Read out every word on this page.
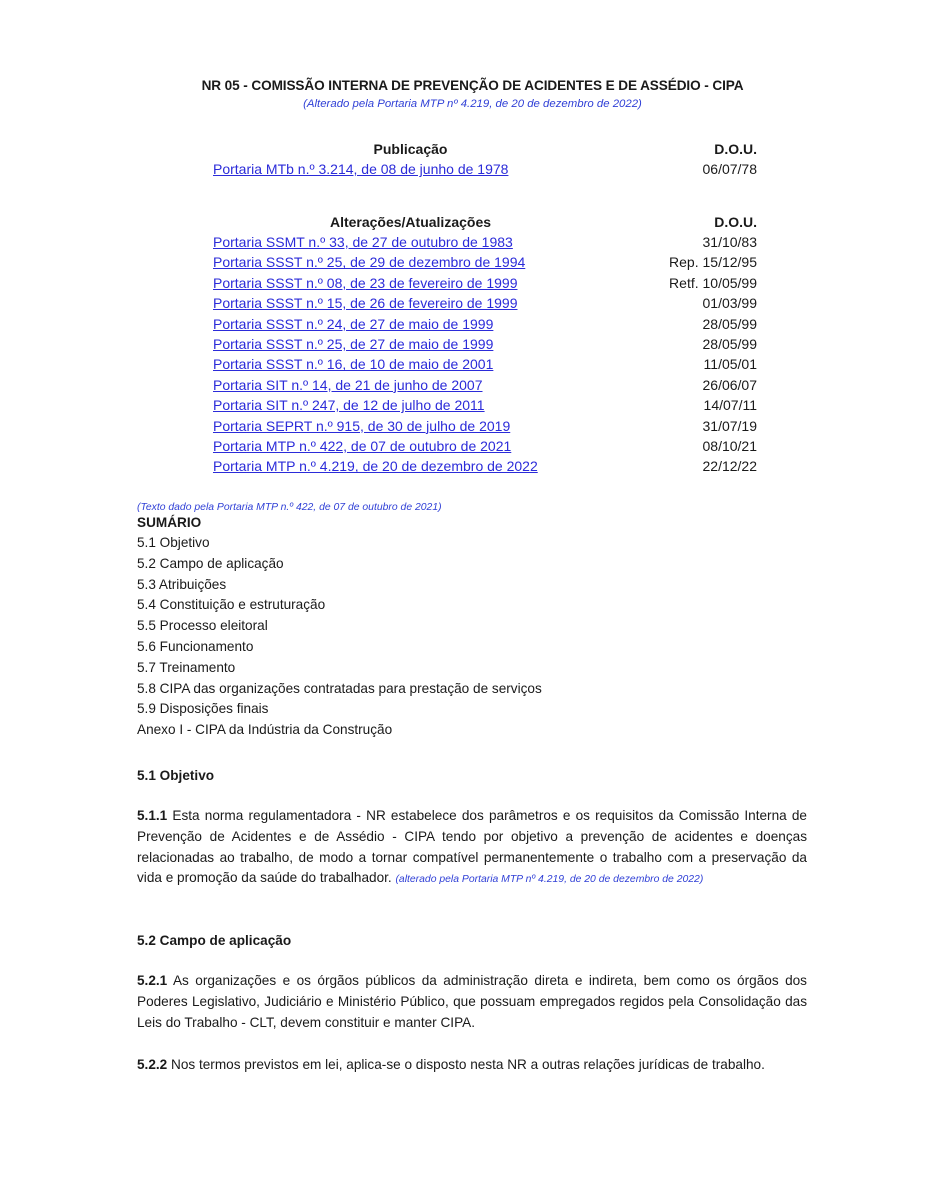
NR 05 - COMISSÃO INTERNA DE PREVENÇÃO DE ACIDENTES E DE ASSÉDIO - CIPA
(Alterado pela Portaria MTP nº 4.219, de 20 de dezembro de 2022)
Publicação	D.O.U.
Portaria MTb n.º 3.214, de 08 de junho de 1978	06/07/78
Alterações/Atualizações	D.O.U.
Portaria SSMT n.º 33, de 27 de outubro de 1983	31/10/83
Portaria SSST n.º 25, de 29 de dezembro de 1994	Rep. 15/12/95
Portaria SSST n.º 08, de 23 de fevereiro de 1999	Retf. 10/05/99
Portaria SSST n.º 15, de 26 de fevereiro de 1999	01/03/99
Portaria SSST n.º 24, de 27 de maio de 1999	28/05/99
Portaria SSST n.º 25, de 27 de maio de 1999	28/05/99
Portaria SSST n.º 16, de 10 de maio de 2001	11/05/01
Portaria SIT n.º 14, de 21 de junho de 2007	26/06/07
Portaria SIT n.º 247, de 12 de julho de 2011	14/07/11
Portaria SEPRT n.º 915, de 30 de julho de 2019	31/07/19
Portaria MTP n.º 422, de 07 de outubro de 2021	08/10/21
Portaria MTP n.º 4.219, de 20 de dezembro de 2022	22/12/22
(Texto dado pela Portaria MTP n.º 422, de 07 de outubro de 2021)
SUMÁRIO
5.1 Objetivo
5.2 Campo de aplicação
5.3 Atribuições
5.4 Constituição e estruturação
5.5 Processo eleitoral
5.6 Funcionamento
5.7 Treinamento
5.8 CIPA das organizações contratadas para prestação de serviços
5.9 Disposições finais
Anexo I - CIPA da Indústria da Construção
5.1 Objetivo
5.1.1 Esta norma regulamentadora - NR estabelece dos parâmetros e os requisitos da Comissão Interna de Prevenção de Acidentes e de Assédio - CIPA tendo por objetivo a prevenção de acidentes e doenças relacionadas ao trabalho, de modo a tornar compatível permanentemente o trabalho com a preservação da vida e promoção da saúde do trabalhador. (alterado pela Portaria MTP nº 4.219, de 20 de dezembro de 2022)
5.2 Campo de aplicação
5.2.1 As organizações e os órgãos públicos da administração direta e indireta, bem como os órgãos dos Poderes Legislativo, Judiciário e Ministério Público, que possuam empregados regidos pela Consolidação das Leis do Trabalho - CLT, devem constituir e manter CIPA.
5.2.2 Nos termos previstos em lei, aplica-se o disposto nesta NR a outras relações jurídicas de trabalho.
